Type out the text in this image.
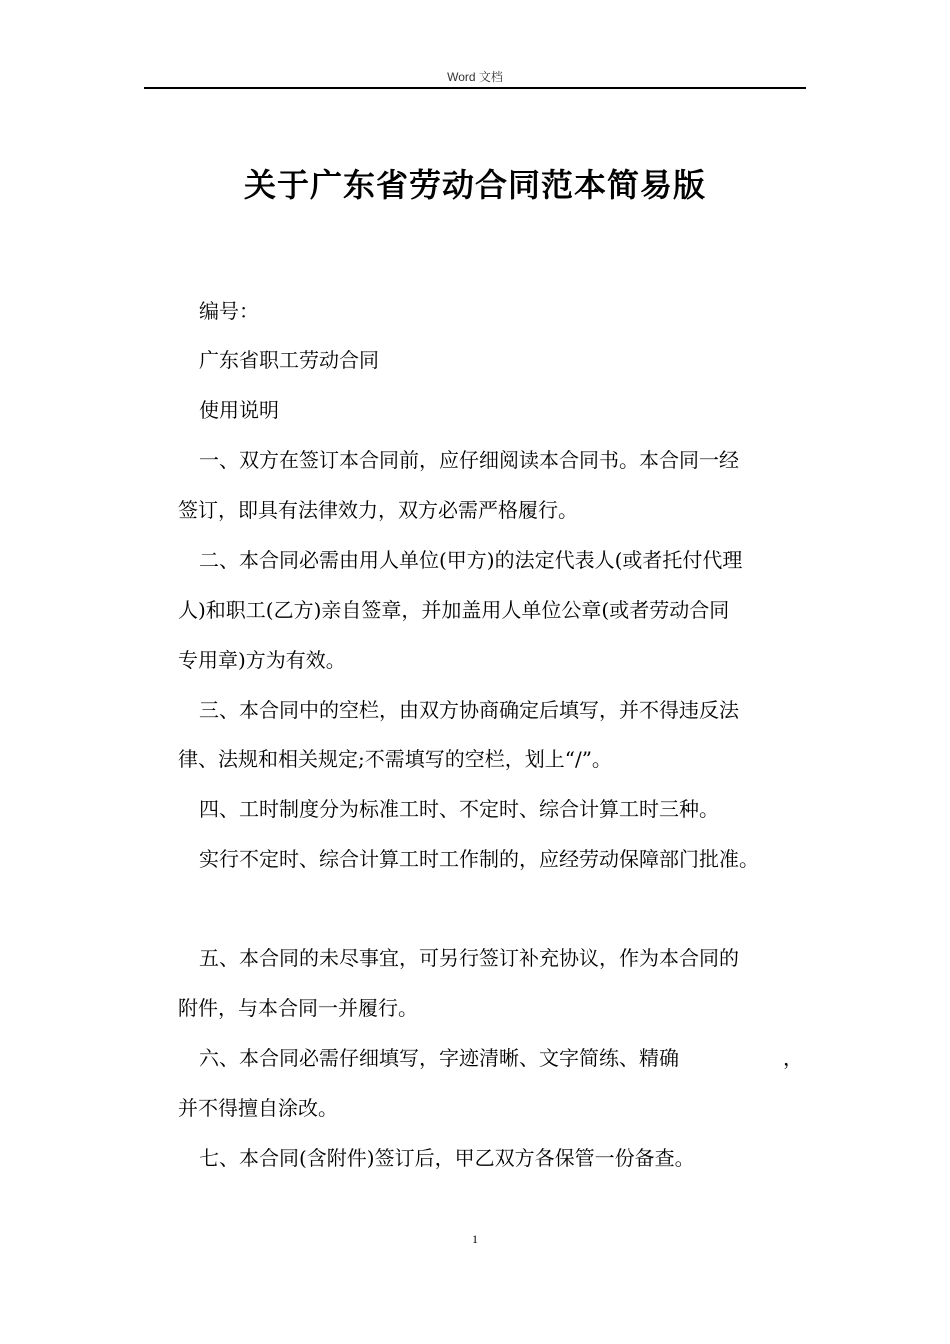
Word 文档
关于广东省劳动合同范本简易版
编号：
广东省职工劳动合同
使用说明
一、双方在签订本合同前，应仔细阅读本合同书。本合同一经
签订，即具有法律效力，双方必需严格履行。
二、本合同必需由用人单位(甲方)的法定代表人(或者托付代理
人)和职工(乙方)亲自签章，并加盖用人单位公章(或者劳动合同
专用章)方为有效。
三、本合同中的空栏，由双方协商确定后填写，并不得违反法
律、法规和相关规定;不需填写的空栏，划上“/”。
四、工时制度分为标准工时、不定时、综合计算工时三种。
实行不定时、综合计算工时工作制的，应经劳动保障部门批准。
五、本合同的未尽事宜，可另行签订补充协议，作为本合同的
附件，与本合同一并履行。
六、本合同必需仔细填写，字迹清晰、文字简练、精确	，
并不得擅自涂改。
七、本合同(含附件)签订后，甲乙双方各保管一份备查。
1
